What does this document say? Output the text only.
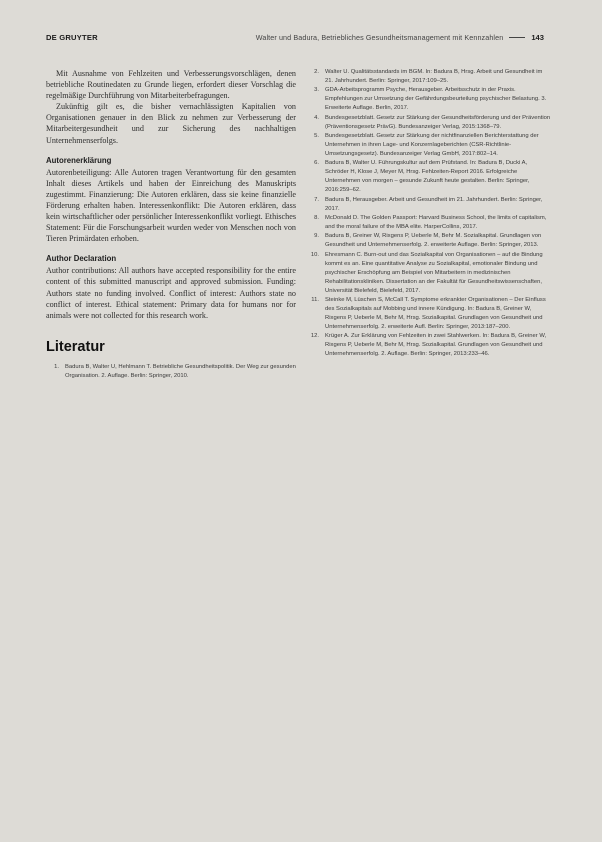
DE GRUYTER	Walter und Badura, Betriebliches Gesundheitsmanagement mit Kennzahlen	143

Mit Ausnahme von Fehlzeiten und Verbesserungsvorschlägen, denen betriebliche Routinedaten zu Grunde liegen, erfordert dieser Vorschlag die regelmäßige Durchführung von Mitarbeiterbefragungen.

Zukünftig gilt es, die bisher vernachlässigten Kapitalien von Organisationen genauer in den Blick zu nehmen zur Verbesserung der Mitarbeitergesundheit und zur Sicherung des nachhaltigen Unternehmenserfolgs.

Autorenerklärung

Autorenbeteiligung: Alle Autoren tragen Verantwortung für den gesamten Inhalt dieses Artikels und haben der Einreichung des Manuskripts zugestimmt. Finanzierung: Die Autoren erklären, dass sie keine finanzielle Förderung erhalten haben. Interessenkonflikt: Die Autoren erklären, dass kein wirtschaftlicher oder persönlicher Interessenkonflikt vorliegt. Ethisches Statement: Für die Forschungsarbeit wurden weder von Menschen noch von Tieren Primärdaten erhoben.

Author Declaration

Author contributions: All authors have accepted responsibility for the entire content of this submitted manuscript and approved submission. Funding: Authors state no funding involved. Conflict of interest: Authors state no conflict of interest. Ethical statement: Primary data for humans nor for animals were not collected for this research work.

Literatur
1.	Badura B, Walter U, Hehlmann T. Betriebliche Gesundheitspolitik. Der Weg zur gesunden Organisation. 2. Auflage. Berlin: Springer, 2010.
2.	Walter U. Qualitätsstandards im BGM. In: Badura B, Hrsg. Arbeit und Gesundheit im 21. Jahrhundert. Berlin: Springer, 2017:109–25.
3.	GDA-Arbeitsprogramm Psyche, Herausgeber. Arbeitsschutz in der Praxis. Empfehlungen zur Umsetzung der Gefährdungsbeurteilung psychischer Belastung. 3. Erweiterte Auflage. Berlin, 2017.
4.	Bundesgesetzblatt. Gesetz zur Stärkung der Gesundheitsförderung und der Prävention (Präventionsgesetz PrävG). Bundesanzeiger Verlag, 2015:1368–79.
5.	Bundesgesetzblatt. Gesetz zur Stärkung der nichtfinanziellen Berichterstattung der Unternehmen in ihren Lage- und Konzernlageberichten (CSR-Richtlinie-Umsetzungsgesetz). Bundesanzeiger Verlag GmbH, 2017:802–14.
6.	Badura B, Walter U. Führungskultur auf dem Prüfstand. In: Badura B, Ducki A, Schröder H, Klose J, Meyer M, Hrsg. Fehlzeiten-Report 2016. Erfolgreiche Unternehmen von morgen – gesunde Zukunft heute gestalten. Berlin: Springer, 2016:259–62.
7.	Badura B, Herausgeber. Arbeit und Gesundheit im 21. Jahrhundert. Berlin: Springer, 2017.
8.	McDonald D. The Golden Passport: Harvard Business School, the limits of capitalism, and the moral failure of the MBA elite. HarperCollins, 2017.
9.	Badura B, Greiner W, Rixgens P, Ueberle M, Behr M. Sozialkapital. Grundlagen von Gesundheit und Unternehmenserfolg. 2. erweiterte Auflage. Berlin: Springer, 2013.
10.	Ehresmann C. Burn-out und das Sozialkapital von Organisationen – auf die Bindung kommt es an. Eine quantitative Analyse zu Sozialkapital, emotionaler Bindung und psychischer Erschöpfung am Beispiel von Mitarbeitern in medizinischen Rehabilitationskliniken. Dissertation an der Fakultät für Gesundheitswissenschaften, Universität Bielefeld, Bielefeld, 2017.
11.	Steinke M, Lüschen S, McCall T. Symptome erkrankter Organisationen – Der Einfluss des Sozialkapitals auf Mobbing und innere Kündigung. In: Badura B, Greiner W, Rixgens P, Ueberle M, Behr M, Hrsg. Sozialkapital. Grundlagen von Gesundheit und Unternehmenserfolg. 2. erweiterte Aufl. Berlin: Springer, 2013:187–200.
12.	Krüger A. Zur Erklärung von Fehlzeiten in zwei Stahlwerken. In: Badura B, Greiner W, Rixgens P, Ueberle M, Behr M, Hrsg. Sozialkapital. Grundlagen von Gesundheit und Unternehmenserfolg. 2. Auflage. Berlin: Springer, 2013:233–46.
